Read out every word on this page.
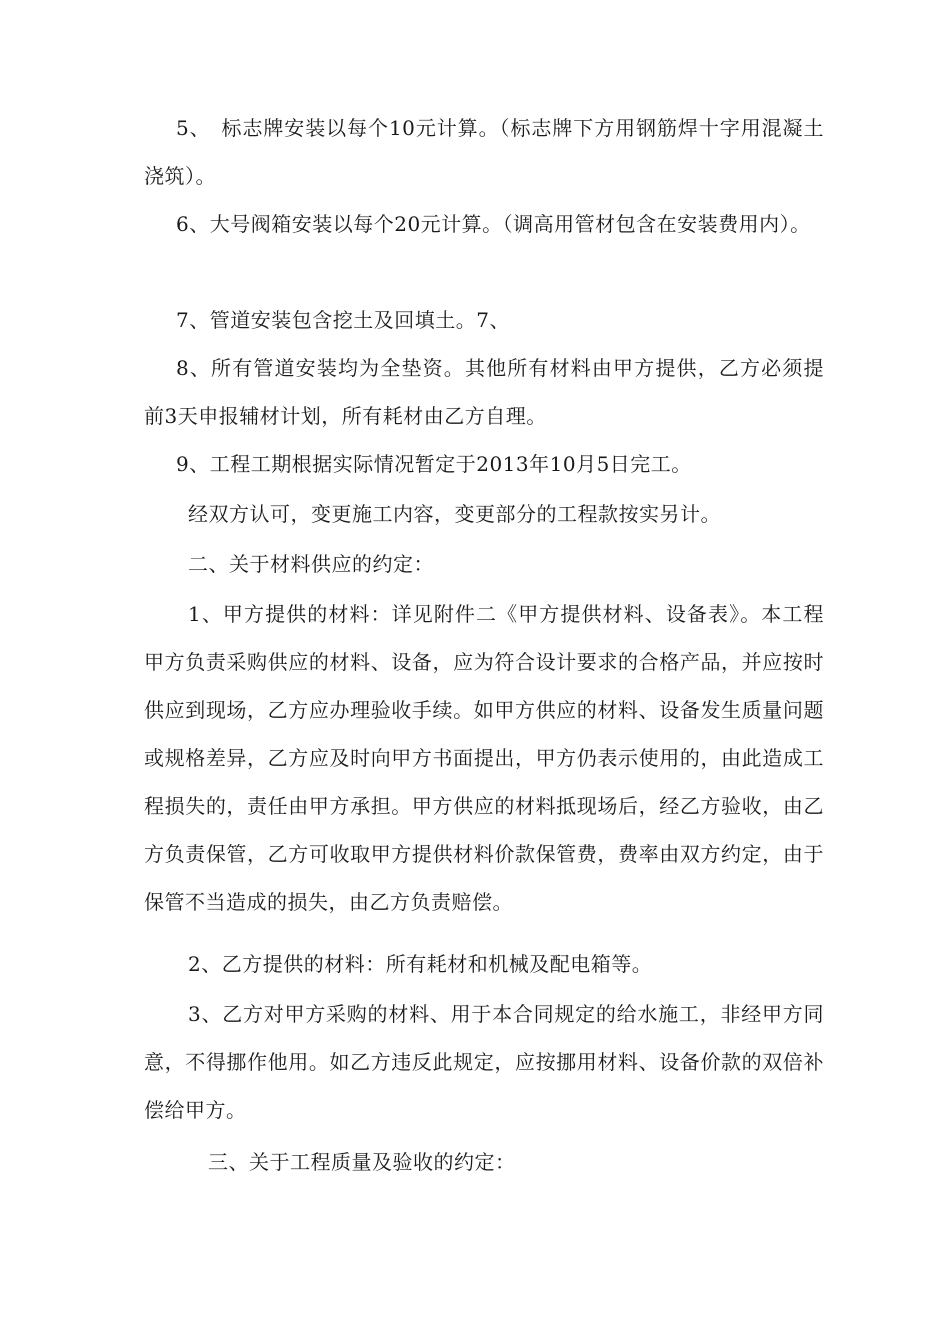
5、　标志牌安装以每个10元计算。（标志牌下方用钢筋焊十字用混凝土浇筑）。

6、大号阀箱安装以每个20元计算。（调高用管材包含在安装费用内）。

7、管道安装包含挖土及回填土。7、

8、所有管道安装均为全垫资。其他所有材料由甲方提供，乙方必须提前3天申报辅材计划，所有耗材由乙方自理。

9、工程工期根据实际情况暂定于2013年10月5日完工。

经双方认可，变更施工内容，变更部分的工程款按实另计。

二、关于材料供应的约定：

1、甲方提供的材料：详见附件二《甲方提供材料、设备表》。本工程甲方负责采购供应的材料、设备，应为符合设计要求的合格产品，并应按时供应到现场，乙方应办理验收手续。如甲方供应的材料、设备发生质量问题或规格差异，乙方应及时向甲方书面提出，甲方仍表示使用的，由此造成工程损失的，责任由甲方承担。甲方供应的材料抵现场后，经乙方验收，由乙方负责保管，乙方可收取甲方提供材料价款保管费，费率由双方约定，由于保管不当造成的损失，由乙方负责赔偿。

2、乙方提供的材料：所有耗材和机械及配电箱等。

3、乙方对甲方采购的材料、用于本合同规定的给水施工，非经甲方同意，不得挪作他用。如乙方违反此规定，应按挪用材料、设备价款的双倍补偿给甲方。

三、关于工程质量及验收的约定：
